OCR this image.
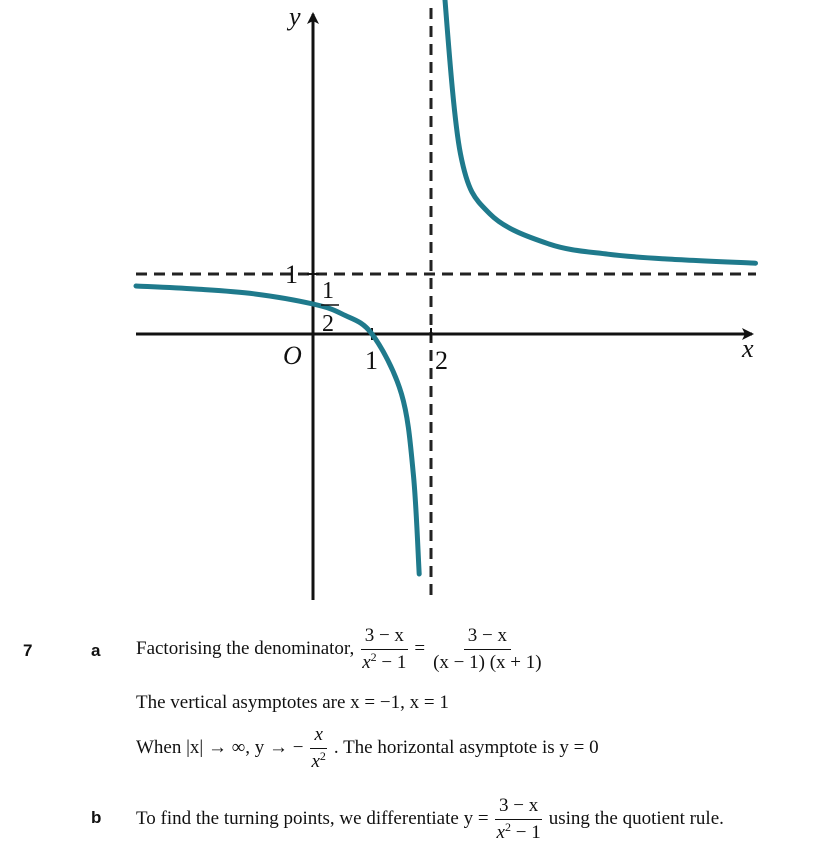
y
x
O 1 2
1
1
2
7	a
b
Factorising the denominator, $\frac{3 - x}{x^2 - 1} = \frac{3 - x}{(x - 1) (x + 1)}$
The vertical asymptotes are x = −1, x = 1
When |x| → ∞, y → − $\frac{x}{x^2}$ . The horizontal asymptote is y = 0
To find the turning points, we differentiate $y = \frac{3 - x}{x^2 - 1}$ using the quotient rule.
